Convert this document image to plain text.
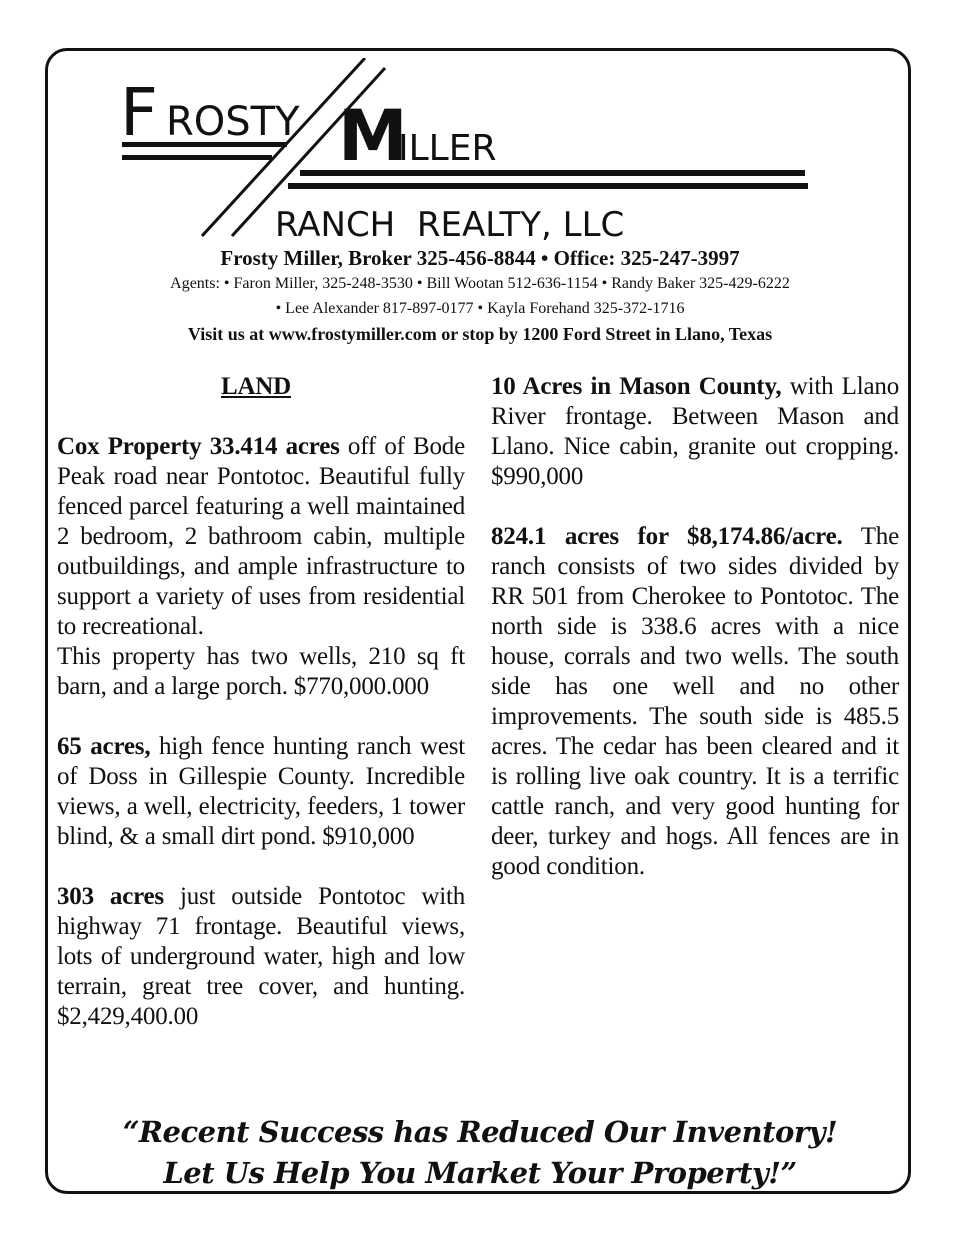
F ROSTY M
ILLER
RANCH  REALTY, LLC
Frosty Miller, Broker 325-456-8844 • Office: 325-247-3997
Agents: • Faron Miller, 325-248-3530 • Bill Wootan 512-636-1154 • Randy Baker 325-429-6222
• Lee Alexander 817-897-0177 • Kayla Forehand 325-372-1716
Visit us at www.frostymiller.com or stop by 1200 Ford Street in Llano, Texas
LAND

Cox Property 33.414 acres off of Bode Peak road near Pontotoc. Beautiful fully fenced parcel featuring a well maintained 2 bedroom, 2 bathroom cabin, multiple outbuildings, and ample infrastructure to support a variety of uses from residential to recreational.

This property has two wells, 210 sq ft barn, and a large porch. $770,000.000

65 acres, high fence hunting ranch west of Doss in Gillespie County. Incredible views, a well, electricity, feeders, 1 tower blind, & a small dirt pond. $910,000

303 acres just outside Pontotoc with highway 71 frontage. Beautiful views, lots of underground water, high and low terrain, great tree cover, and hunting. $2,429,400.00

10 Acres in Mason County, with Llano River frontage. Between Mason and Llano. Nice cabin, granite out cropping. $990,000

824.1 acres for $8,174.86/acre. The ranch consists of two sides divided by RR 501 from Cherokee to Pontotoc. The north side is 338.6 acres with a nice house, corrals and two wells. The south side has one well and no other improvements. The south side is 485.5 acres. The cedar has been cleared and it is rolling live oak country. It is a terrific cattle ranch, and very good hunting for deer, turkey and hogs. All fences are in good condition.

“Recent Success has Reduced Our Inventory!
Let Us Help You Market Your Property!”
